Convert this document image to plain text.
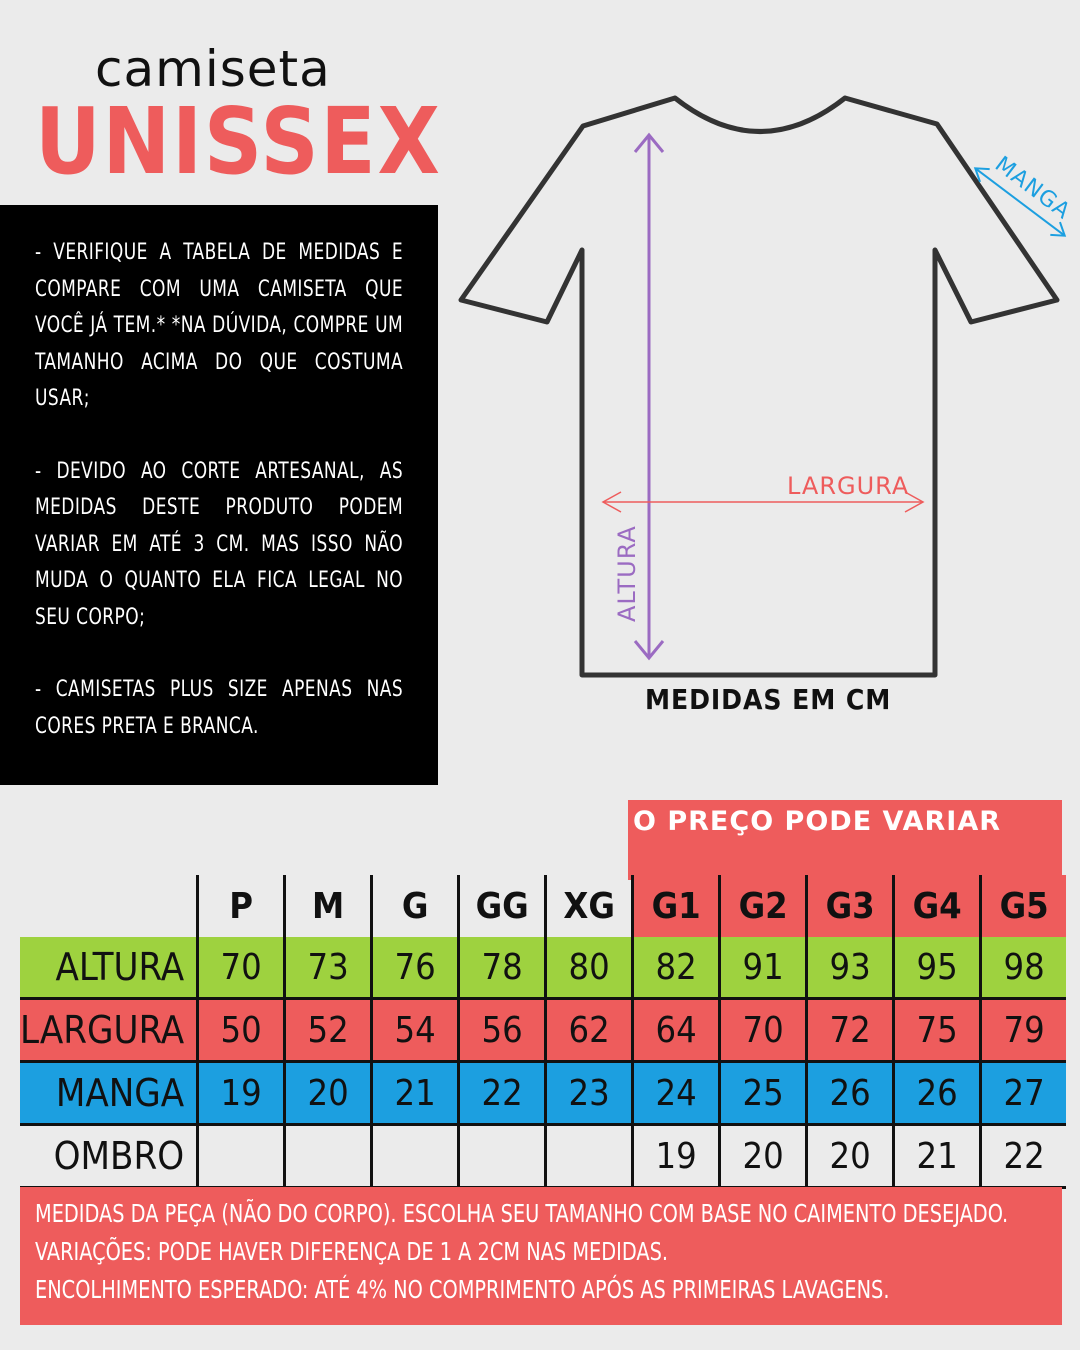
camiseta
UNISSEX

- VERIFIQUE A TABELA DE MEDIDAS E COMPARE COM UMA CAMISETA QUE VOCÊ JÁ TEM.* *NA DÚVIDA, COMPRE UM TAMANHO ACIMA DO QUE COSTUMA USAR;

- DEVIDO AO CORTE ARTESANAL, AS MEDIDAS DESTE PRODUTO PODEM VARIAR EM ATÉ 3 CM. MAS ISSO NÃO MUDA O QUANTO ELA FICA LEGAL NO SEU CORPO;

- CAMISETAS PLUS SIZE APENAS NAS CORES PRETA E BRANCA.

ALTURA
LARGURA
MANGA
MEDIDAS EM CM
O PREÇO PODE VARIAR
	P	M	G	GG	XG	G1	G2	G3	G4	G5
ALTURA	70	73	76	78	80	82	91	93	95	98
LARGURA	50	52	54	56	62	64	70	72	75	79
MANGA	19	20	21	22	23	24	25	26	26	27
OMBRO						19	20	20	21	22

MEDIDAS DA PEÇA (NÃO DO CORPO). ESCOLHA SEU TAMANHO COM BASE NO CAIMENTO DESEJADO.

VARIAÇÕES: PODE HAVER DIFERENÇA DE 1 A 2CM NAS MEDIDAS.

ENCOLHIMENTO ESPERADO: ATÉ 4% NO COMPRIMENTO APÓS AS PRIMEIRAS LAVAGENS.
